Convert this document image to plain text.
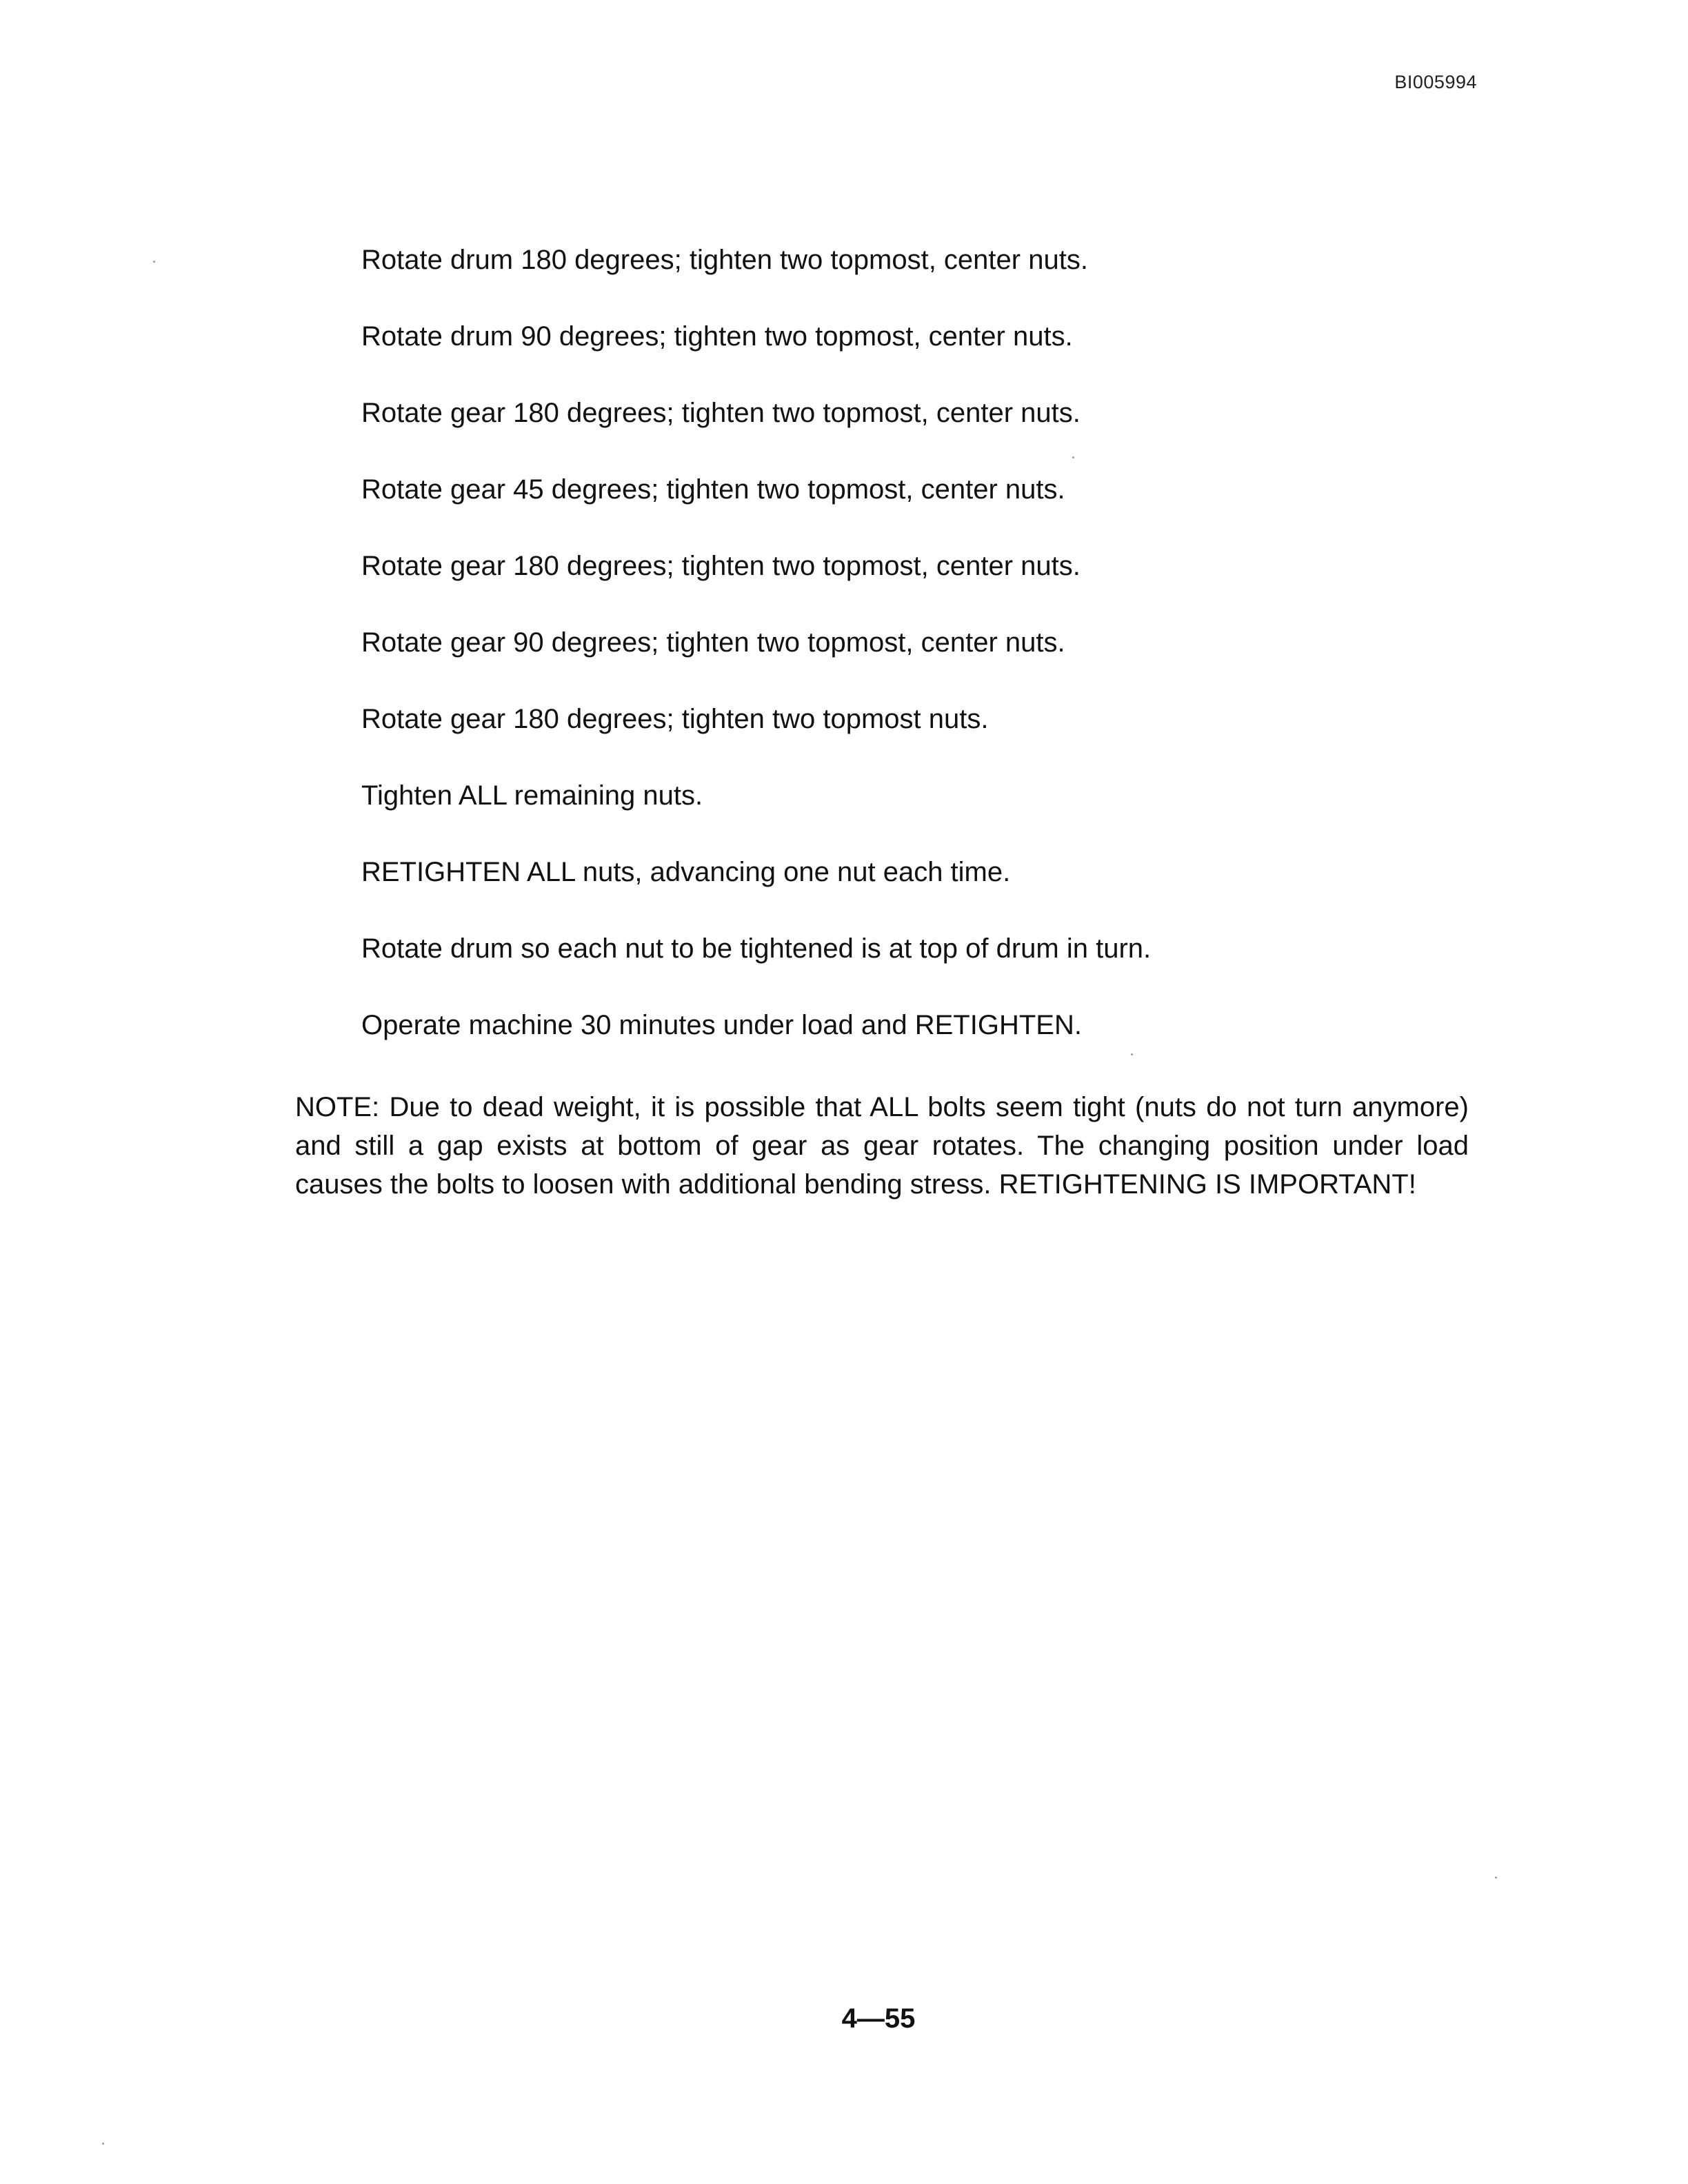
BI005994
Rotate drum 180 degrees; tighten two topmost, center nuts.
Rotate drum 90 degrees; tighten two topmost, center nuts.
Rotate gear 180 degrees; tighten two topmost, center nuts.
Rotate gear 45 degrees; tighten two topmost, center nuts.
Rotate gear 180 degrees; tighten two topmost, center nuts.
Rotate gear 90 degrees; tighten two topmost, center nuts.
Rotate gear 180 degrees; tighten two topmost nuts.
Tighten ALL remaining nuts.
RETIGHTEN ALL nuts, advancing one nut each time.
Rotate drum so each nut to be tightened is at top of drum in turn.
Operate machine 30 minutes under load and RETIGHTEN.

NOTE: Due to dead weight, it is possible that ALL bolts seem tight (nuts do not turn anymore) and still a gap exists at bottom of gear as gear rotates. The changing position under load causes the bolts to loosen with additional bending stress. RETIGHTENING IS IMPORTANT!

4—55
